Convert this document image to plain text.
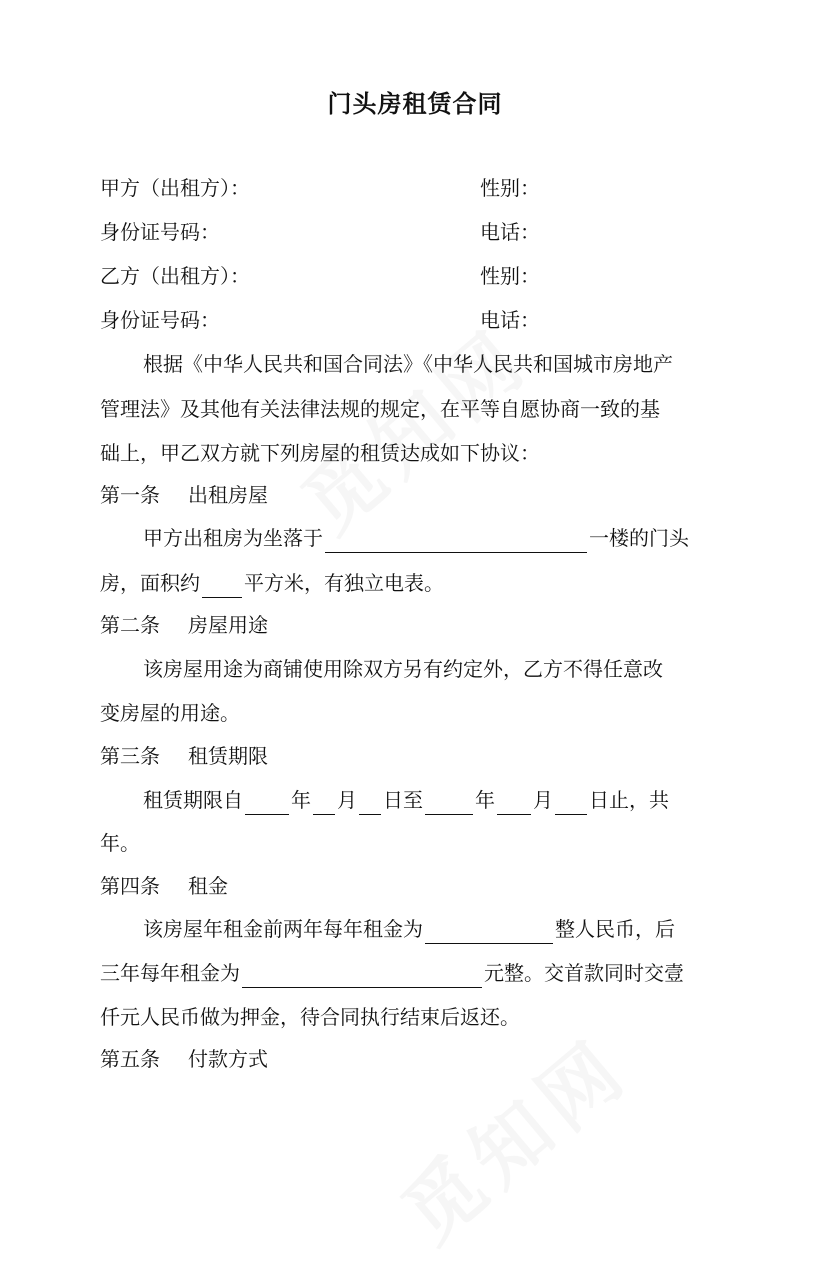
门头房租赁合同
甲方（出租方）：	性别：
身份证号码：	电话：
乙方（出租方）：	性别：
身份证号码：	电话：
根据《中华人民共和国合同法》《中华人民共和国城市房地产
管理法》及其他有关法律法规的规定，在平等自愿协商一致的基
础上，甲乙双方就下列房屋的租赁达成如下协议：
第一条 出租房屋
甲方出租房为坐落于	一楼的门头
房，面积约 平方米，有独立电表。
第二条 房屋用途
该房屋用途为商铺使用除双方另有约定外，乙方不得任意改
变房屋的用途。
第三条 租赁期限
租赁期限自 年 月 日至	年 月 日止，共
年。
第四条 租金
该房屋年租金前两年每年租金为	整人民币，后
三年每年租金为	元整。交首款同时交壹
仟元人民币做为押金，待合同执行结束后返还。
第五条 付款方式
